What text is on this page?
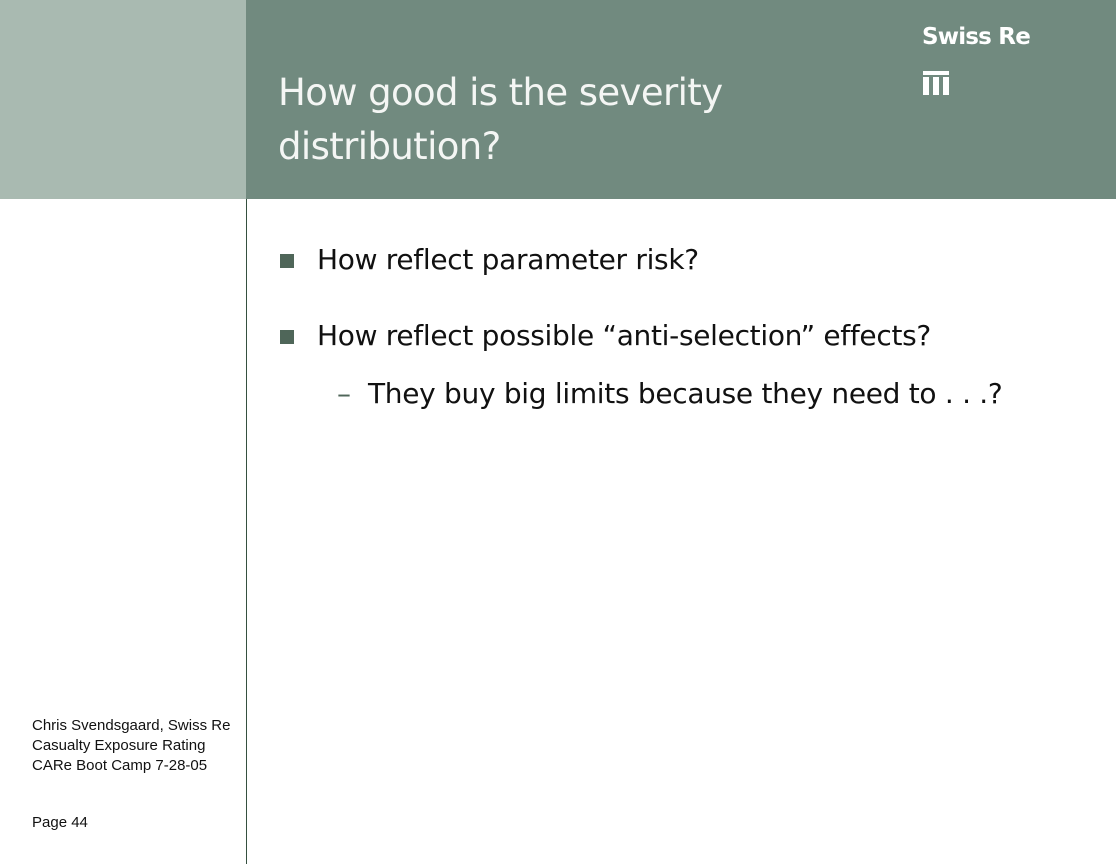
How good is the severity
distribution?
Swiss Re
How reflect parameter risk?
How reflect possible “anti-selection” effects?
– They buy big limits because they need to . . .?
Chris Svendsgaard, Swiss Re
Casualty Exposure Rating
CARe Boot Camp 7-28-05
Page 44
